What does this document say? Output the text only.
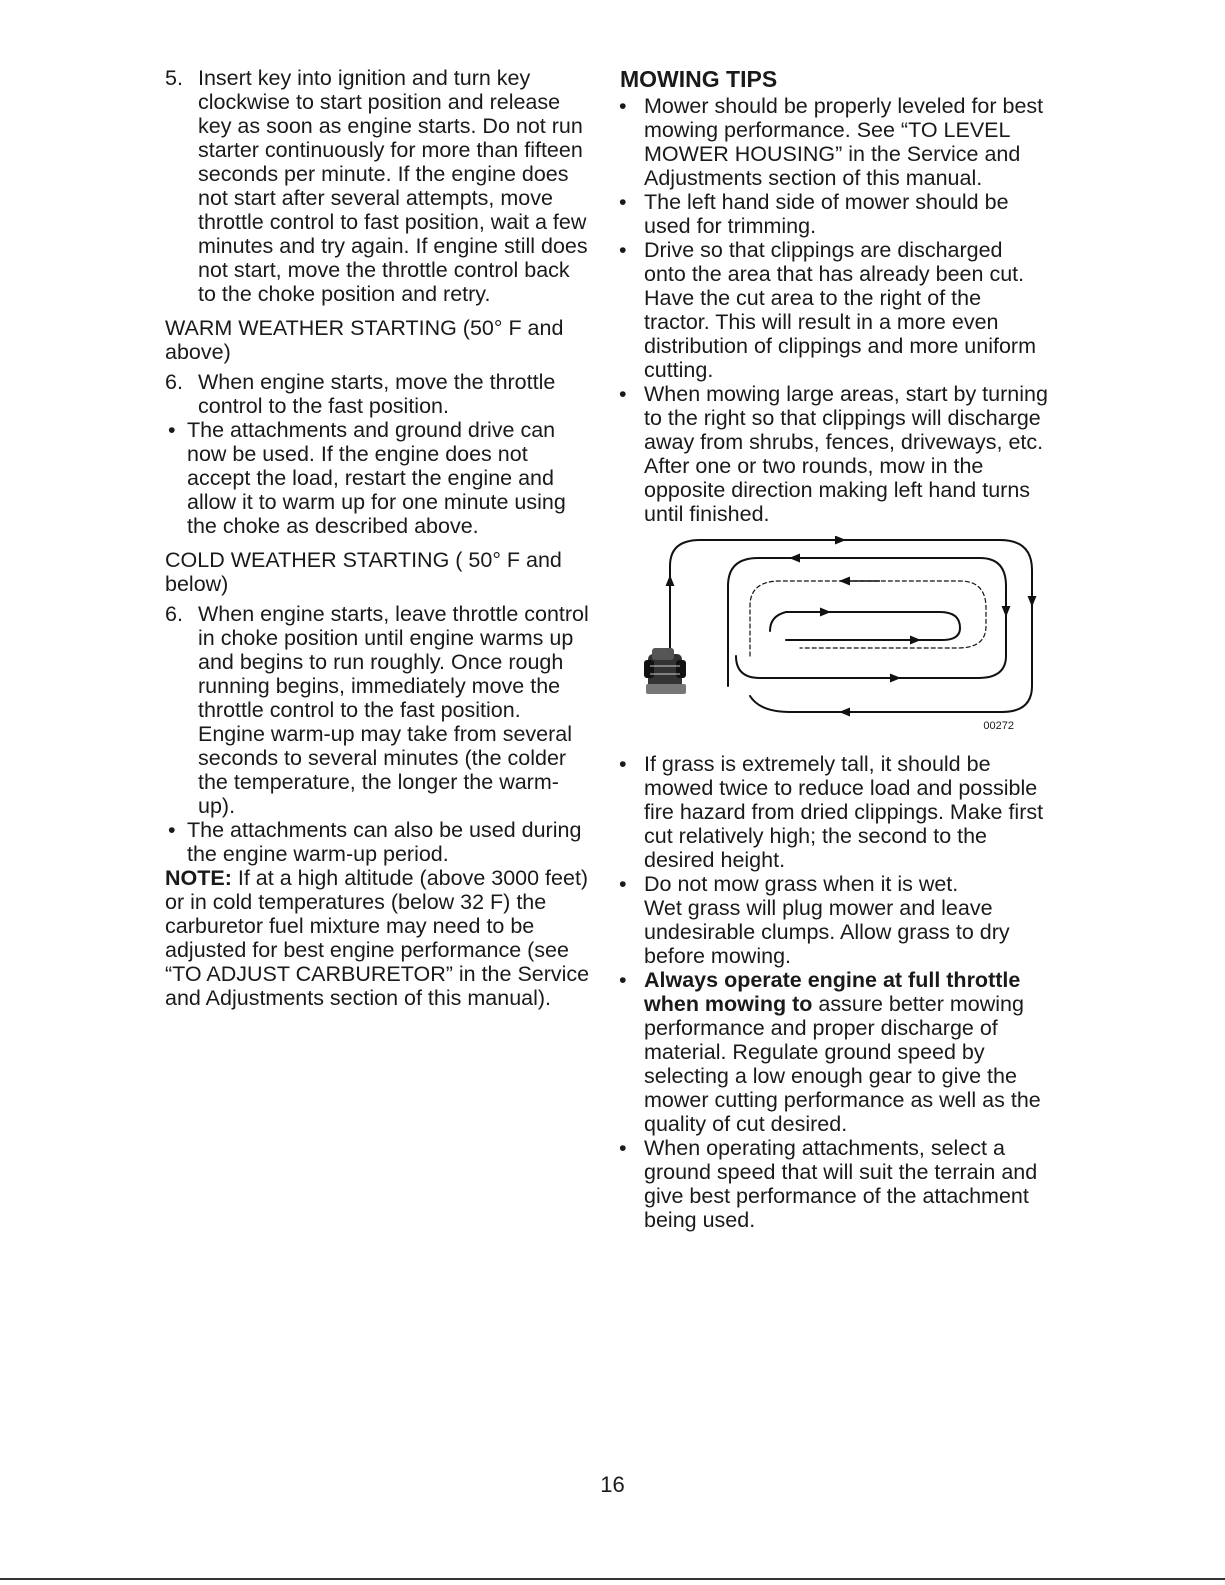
5. Insert key into ignition and turn key clockwise to start position and release key as soon as engine starts. Do not run starter continuously for more than fifteen seconds per minute. If the engine does not start after several attempts, move throttle control to fast position, wait a few minutes and try again. If engine still does not start, move the throttle control back to the choke position and retry.

WARM WEATHER STARTING (50° F and above)

6. When engine starts, move the throttle control to the fast position.

• The attachments and ground drive can now be used. If the engine does not accept the load, restart the engine and allow it to warm up for one minute using the choke as described above.

COLD WEATHER STARTING ( 50° F and below)

6. When engine starts, leave throttle control in choke position until engine warms up and begins to run roughly. Once rough running begins, immediately move the throttle control to the fast position. Engine warm-up may take from several seconds to several minutes (the colder the temperature, the longer the warm-up).

• The attachments can also be used during the engine warm-up period.

NOTE: If at a high altitude (above 3000 feet) or in cold temperatures (below 32 F) the carburetor fuel mixture may need to be adjusted for best engine performance (see “TO ADJUST CARBURETOR” in the Service and Adjustments section of this manual).

MOWING TIPS

• Mower should be properly leveled for best mowing performance. See “TO LEVEL MOWER HOUSING” in the Service and Adjustments section of this manual.

• The left hand side of mower should be used for trimming.

• Drive so that clippings are discharged onto the area that has already been cut. Have the cut area to the right of the tractor. This will result in a more even distribution of clippings and more uniform cutting.

• When mowing large areas, start by turning to the right so that clippings will discharge away from shrubs, fences, driveways, etc. After one or two rounds, mow in the opposite direction making left hand turns until finished.

00272

• If grass is extremely tall, it should be mowed twice to reduce load and possible fire hazard from dried clippings. Make first cut relatively high; the second to the desired height.

• Do not mow grass when it is wet.
Wet grass will plug mower and leave undesirable clumps. Allow grass to dry before mowing.

• Always operate engine at full throttle when mowing to assure better mowing performance and proper discharge of material. Regulate ground speed by selecting a low enough gear to give the mower cutting performance as well as the quality of cut desired.

• When operating attachments, select a ground speed that will suit the terrain and give best performance of the attachment being used.

16
